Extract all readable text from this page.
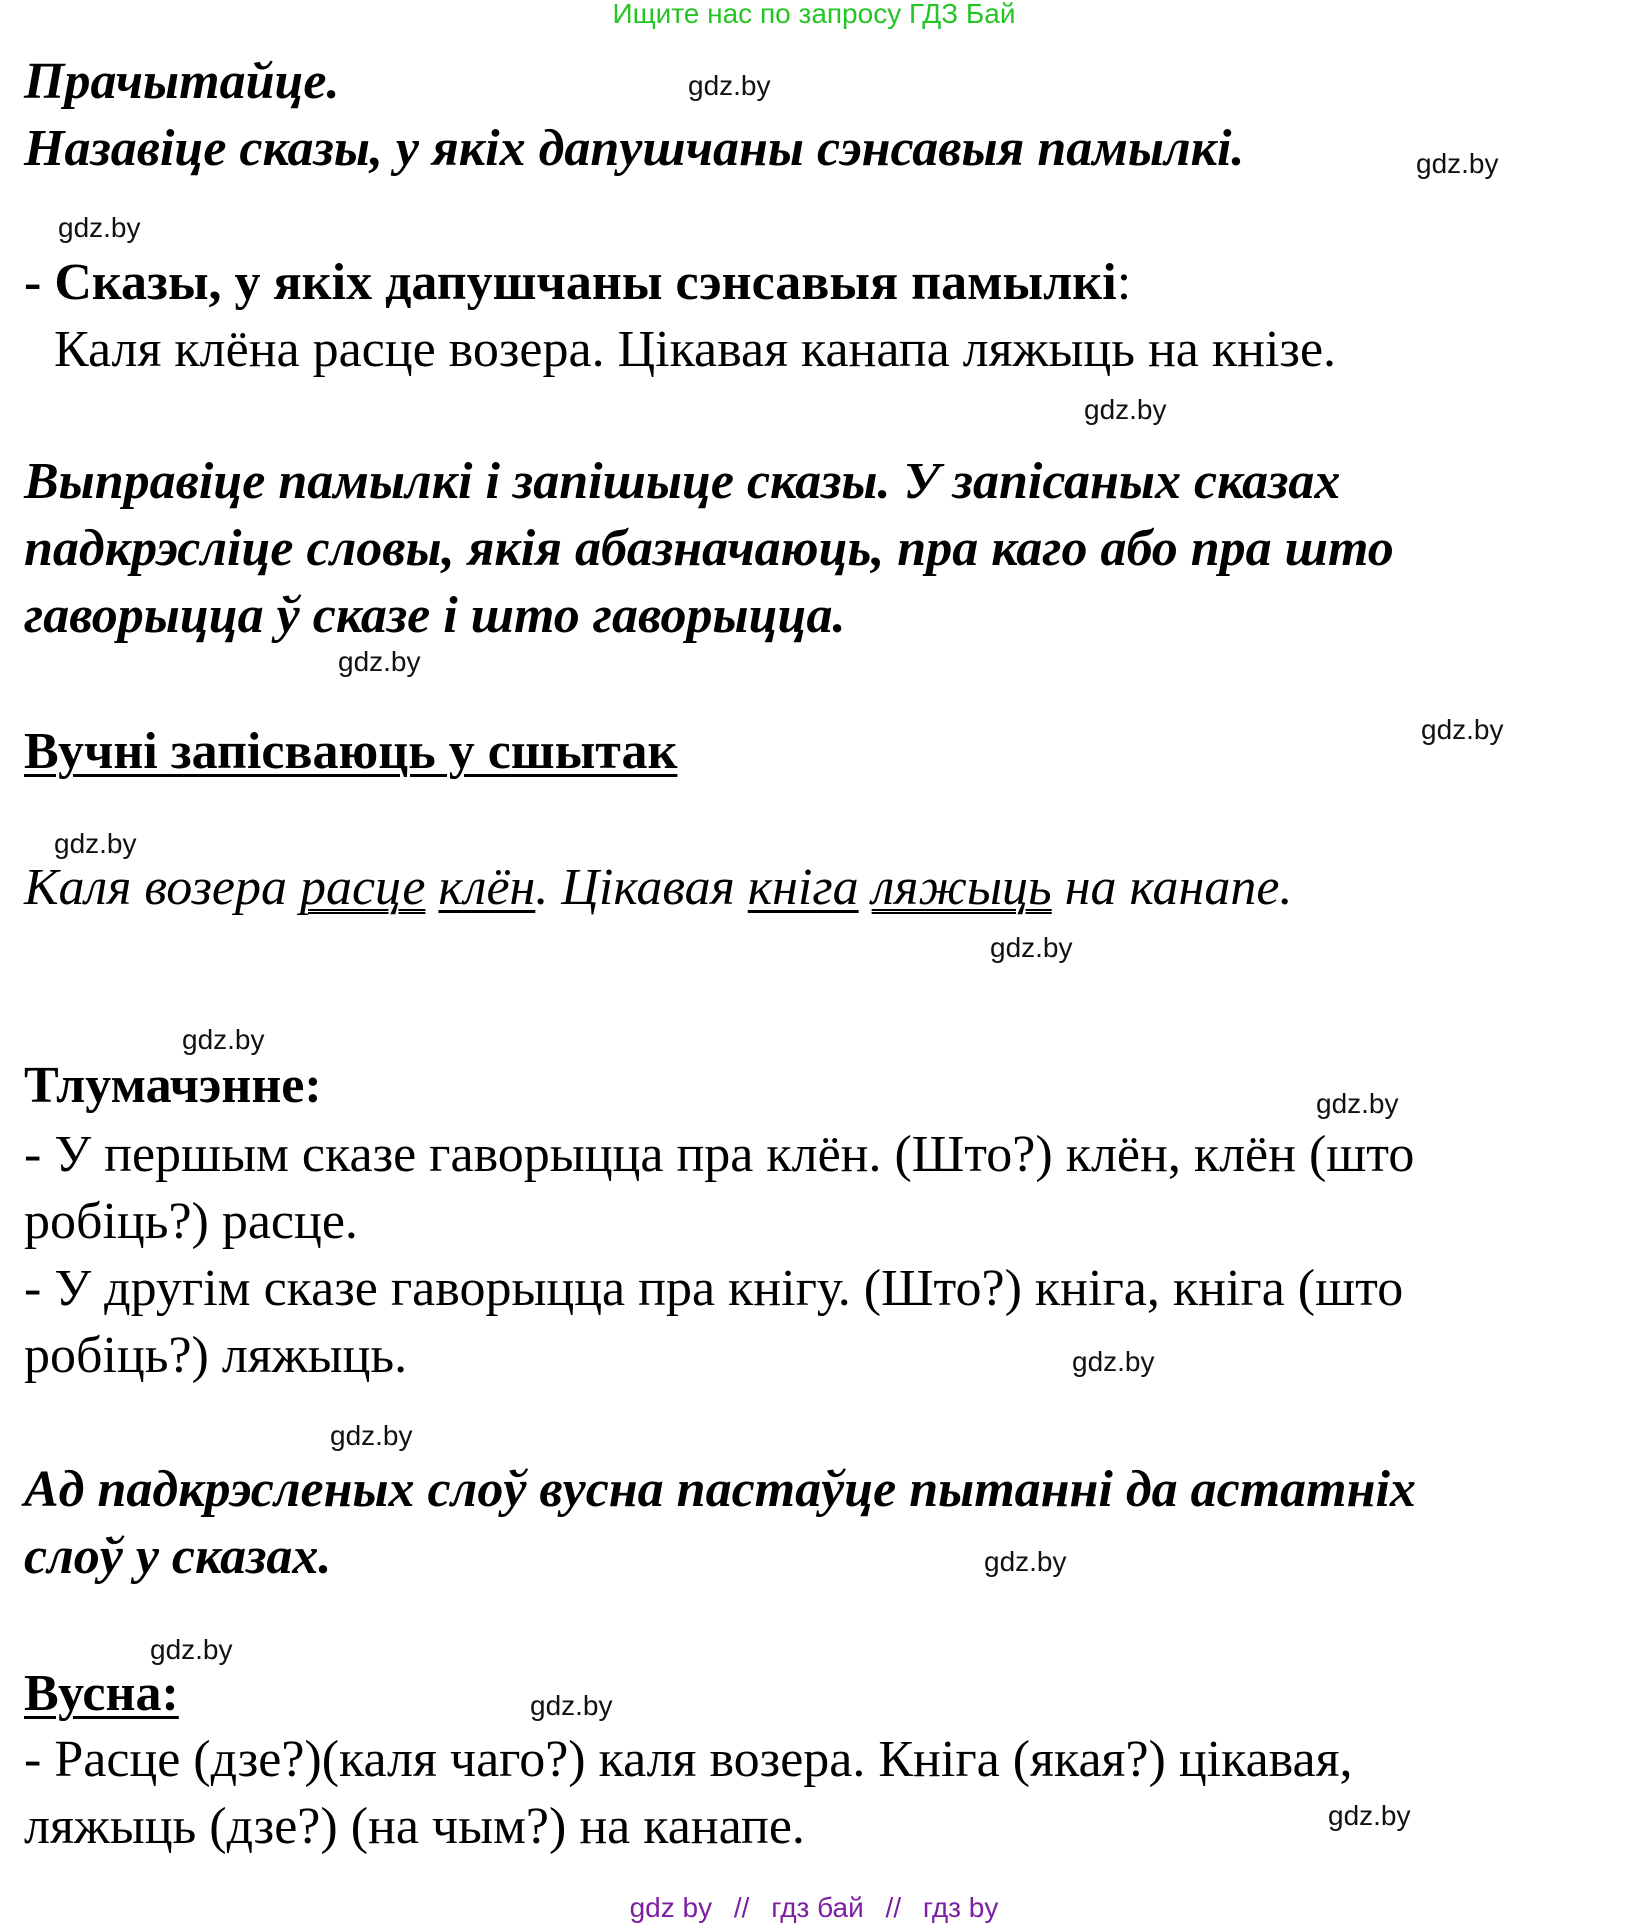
Ищите нас по запросу ГДЗ Бай
Прачытайце.	gdz.by
Назавіце сказы, у якіх дапушчаны сэнсавыя памылкі.	gdz.by
gdz.by
- Сказы, у якіх дапушчаны сэнсавыя памылкі:
Каля клёна расце возера. Цікавая канапа ляжыць на кнізе.
gdz.by
Выправіце памылкі і запішыце сказы. У запісаных сказах
падкрэсліце словы, якія абазначаюць, пра каго або пра што
гаворыцца ў сказе і што гаворыцца.
gdz.by
gdz.by
Вучні запісваюць у сшытак
gdz.by
Каля возера расце клён. Цікавая кніга ляжыць на канапе.
gdz.by
gdz.by
Тлумачэнне:	gdz.by
- У першым сказе гаворыцца пра клён. (Што?) клён, клён (што
робіць?) расце.
- У другім сказе гаворыцца пра кнігу. (Што?) кніга, кніга (што
робіць?) ляжыць.	gdz.by
gdz.by
Ад падкрэсленых слоў вусна пастаўце пытанні да астатніх
слоў у сказах.	gdz.by
gdz.by
Вусна:	gdz.by
- Расце (дзе?)(каля чаго?) каля возера. Кніга (якая?) цікавая,
ляжыць (дзе?) (на чым?) на канапе.	gdz.by
gdz by // гдз бай // гдз by
